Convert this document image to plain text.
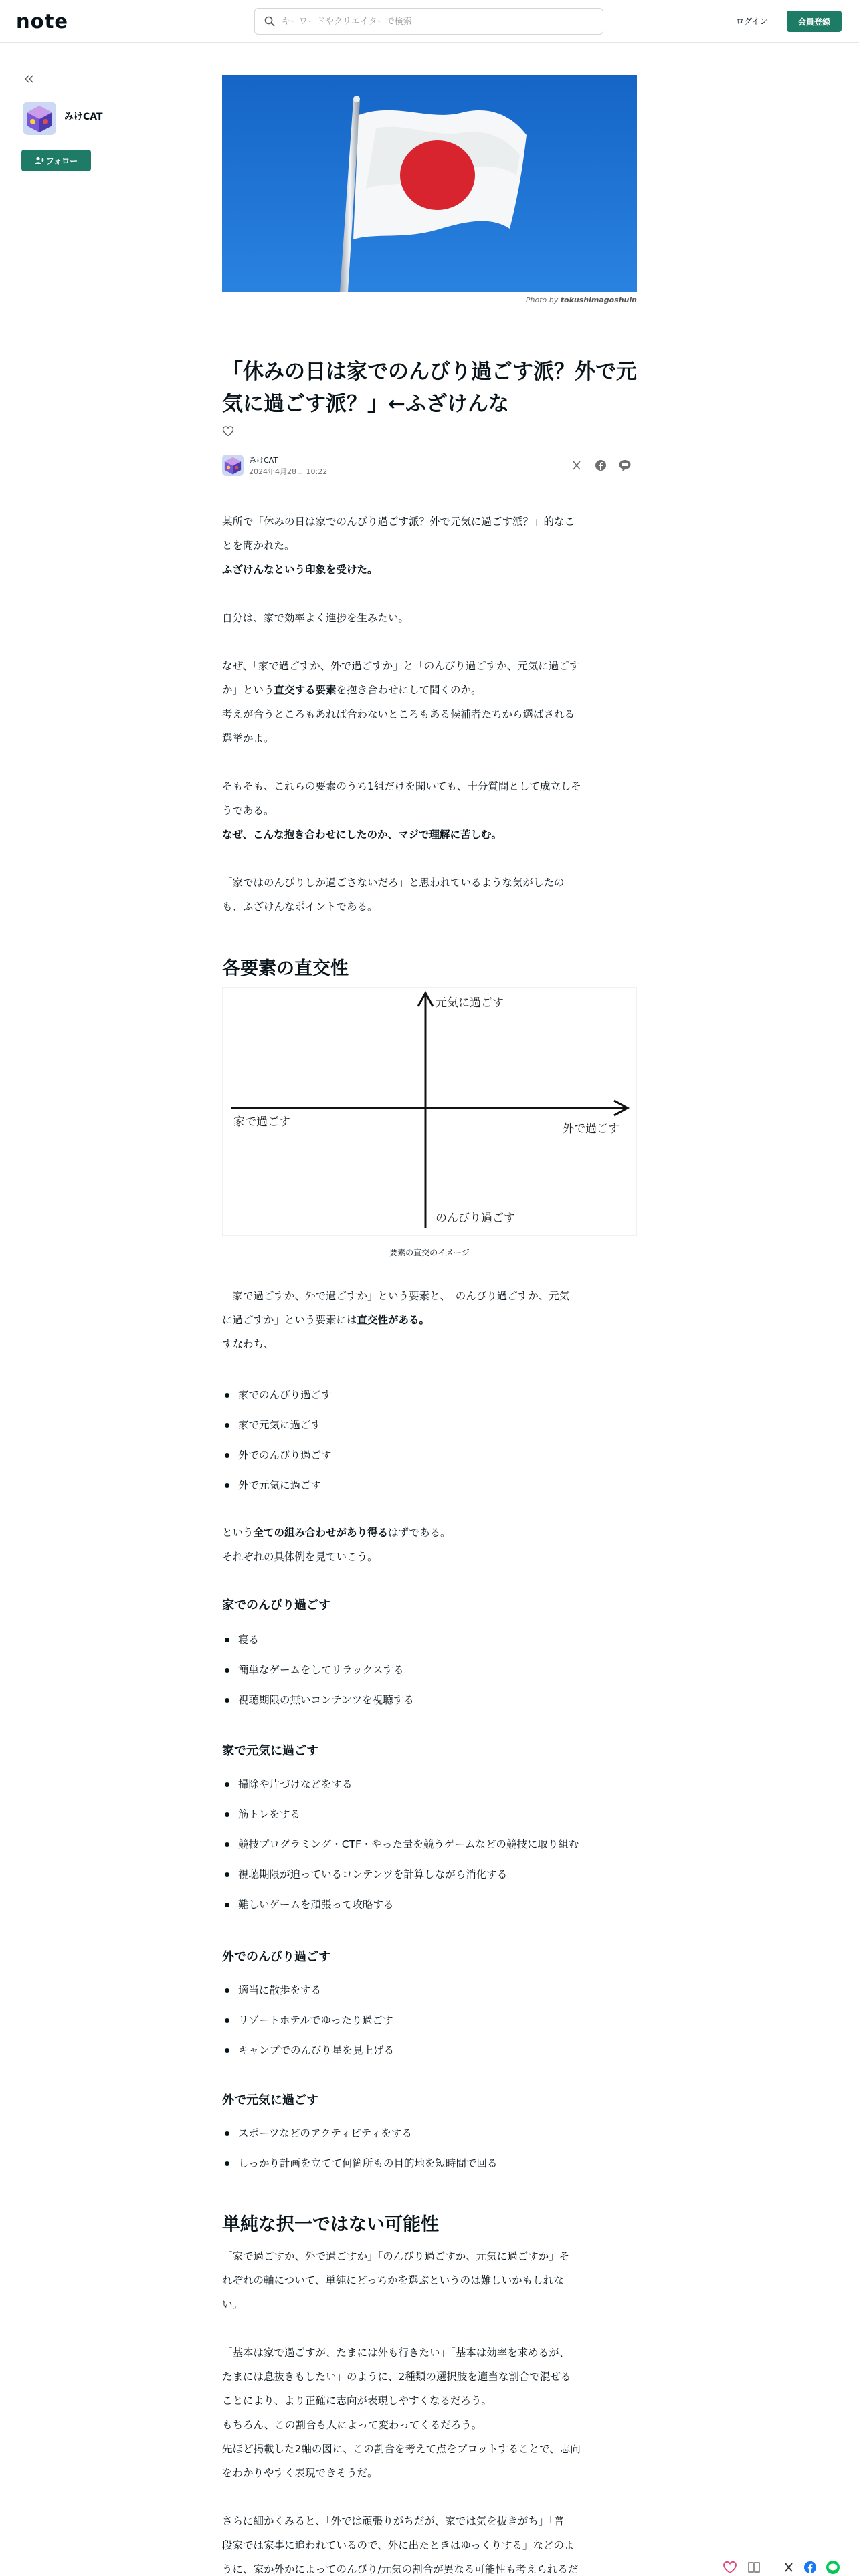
note
キーワードやクリエイターで検索	ログイン	会員登録
みけCAT
フォロー
Photo by tokushimagoshuin
「休みの日は家でのんびり過ごす派？外で元気に過ごす派？」←ふざけんな
みけCAT
2024年4月28日 10:22
某所で「休みの日は家でのんびり過ごす派？外で元気に過ごす派？」的なこ
とを聞かれた。
ふざけんなという印象を受けた。
自分は、家で効率よく進捗を生みたい。
なぜ、「家で過ごすか、外で過ごすか」と「のんびり過ごすか、元気に過ごす
か」という直交する要素を抱き合わせにして聞くのか。
考えが合うところもあれば合わないところもある候補者たちから選ばされる
選挙かよ。
そもそも、これらの要素のうち1組だけを聞いても、十分質問として成立しそ
うである。
なぜ、こんな抱き合わせにしたのか、マジで理解に苦しむ。
「家ではのんびりしか過ごさないだろ」と思われているような気がしたの
も、ふざけんなポイントである。
各要素の直交性
元気に過ごす
家で過ごす	外で過ごす
のんびり過ごす
要素の直交のイメージ
「家で過ごすか、外で過ごすか」という要素と、「のんびり過ごすか、元気
に過ごすか」という要素には直交性がある。
すなわち、
家でのんびり過ごす
家で元気に過ごす
外でのんびり過ごす
外で元気に過ごす
という全ての組み合わせがあり得るはずである。
それぞれの具体例を見ていこう。
家でのんびり過ごす
寝る
簡単なゲームをしてリラックスする
視聴期限の無いコンテンツを視聴する
家で元気に過ごす
掃除や片づけなどをする
筋トレをする
競技プログラミング・CTF・やった量を競うゲームなどの競技に取り組む
視聴期限が迫っているコンテンツを計算しながら消化する
難しいゲームを頑張って攻略する
外でのんびり過ごす
適当に散歩をする
リゾートホテルでゆったり過ごす
キャンプでのんびり星を見上げる
外で元気に過ごす
スポーツなどのアクティビティをする
しっかり計画を立てて何箇所もの目的地を短時間で回る
単純な択一ではない可能性
「家で過ごすか、外で過ごすか」「のんびり過ごすか、元気に過ごすか」そ
れぞれの軸について、単純にどっちかを選ぶというのは難しいかもしれな
い。
「基本は家で過ごすが、たまには外も行きたい」「基本は効率を求めるが、
たまには息抜きもしたい」のように、2種類の選択肢を適当な割合で混ぜる
ことにより、より正確に志向が表現しやすくなるだろう。
もちろん、この割合も人によって変わってくるだろう。
先ほど掲載した2軸の図に、この割合を考えて点をプロットすることで、志向
をわかりやすく表現できそうだ。
さらに細かくみると、「外では頑張りがちだが、家では気を抜きがち」「普
段家では家事に追われているので、外に出たときはゆっくりする」などのよ
うに、家か外かによってのんびり/元気の割合が異なる可能性も考えられるだ
